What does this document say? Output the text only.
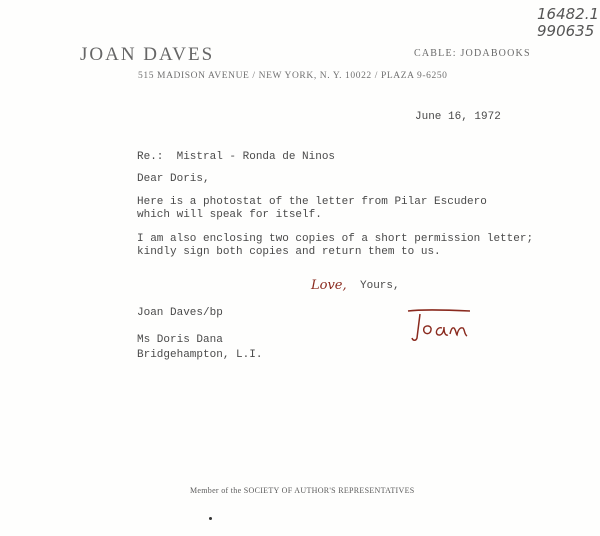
JOAN DAVES	CABLE: JODABOOKS
515 MADISON AVENUE / NEW YORK, N. Y. 10022 / PLAZA 9-6250
16482.1
990635
June 16, 1972
Re.:  Mistral - Ronda de Ninos
Dear Doris,
Here is a photostat of the letter from Pilar Escudero
which will speak for itself.
I am also enclosing two copies of a short permission letter;
kindly sign both copies and return them to us.
Love, Yours,
Joan Daves/bp
Ms Doris Dana
Bridgehampton, L.I.
Member of the SOCIETY OF AUTHOR'S REPRESENTATIVES
